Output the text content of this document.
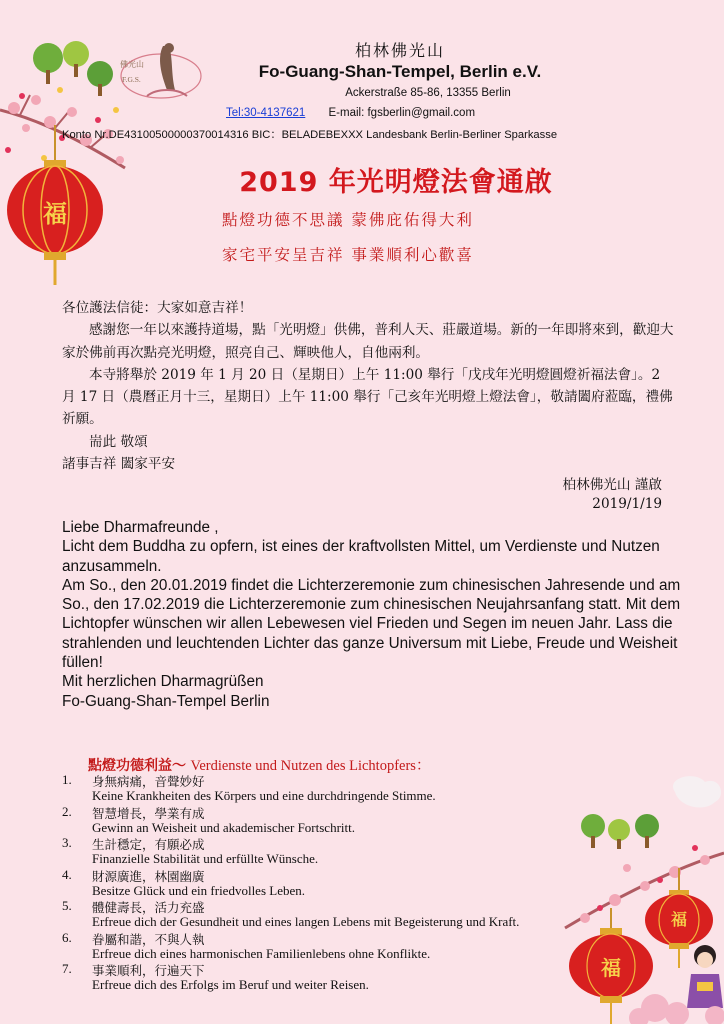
福
佛光山
F.G.S.
柏林佛光山
Fo-Guang-Shan-Tempel, Berlin e.V.
Ackerstraße 85-86, 13355 Berlin
Tel:30-4137621 E-mail: fgsberlin@gmail.com
Konto Nr.DE43100500000370014316 BIC：BELADEBEXXX Landesbank Berlin-Berliner Sparkasse
2019 年光明燈法會通啟
點燈功德不思議 蒙佛庇佑得大利
家宅平安呈吉祥 事業順利心歡喜

各位護法信徒：大家如意吉祥！

感謝您一年以來護持道場，點「光明燈」供佛，普利人天、莊嚴道場。新的一年即將來到，歡迎大家於佛前再次點亮光明燈，照亮自己、輝映他人，自他兩利。

本寺將舉於 2019 年 1 月 20 日（星期日）上午 11:00 舉行「戊戌年光明燈圓燈祈福法會」。2 月 17 日（農曆正月十三，星期日）上午 11:00 舉行「己亥年光明燈上燈法會」，敬請闔府蒞臨，禮佛祈願。

耑此 敬頌

諸事吉祥 闔家平安

柏林佛光山 謹啟
2019/1/19

Liebe Dharmafreunde ,

Licht dem Buddha zu opfern, ist eines der kraftvollsten Mittel, um Verdienste und Nutzen anzusammeln.

Am So., den 20.01.2019 findet die Lichterzeremonie zum chinesischen Jahresende und am So., den 17.02.2019 die Lichterzeremonie zum chinesischen Neujahrsanfang statt. Mit dem Lichtopfer wünschen wir allen Lebewesen viel Frieden und Segen im neuen Jahr. Lass die strahlenden und leuchtenden Lichter das ganze Universum mit Liebe, Freude und Weisheit füllen!

Mit herzlichen Dharmagrüßen

Fo-Guang-Shan-Tempel Berlin

點燈功德利益～ Verdienste und Nutzen des Lichtopfers：
1. 身無病痛，音聲妙好
Keine Krankheiten des Körpers und eine durchdringende Stimme.
2. 智慧增長，學業有成
Gewinn an Weisheit und akademischer Fortschritt.
3. 生計穩定，有願必成
Finanzielle Stabilität und erfüllte Wünsche.
4. 財源廣進，林園幽廣
Besitze Glück und ein friedvolles Leben.
5. 體健壽長，活力充盛
Erfreue dich der Gesundheit und eines langen Lebens mit Begeisterung und Kraft.
6. 眷屬和諧，不與人執
Erfreue dich eines harmonischen Familienlebens ohne Konflikte.
7. 事業順利，行遍天下
Erfreue dich des Erfolgs im Beruf und weiter Reisen.
福
福
